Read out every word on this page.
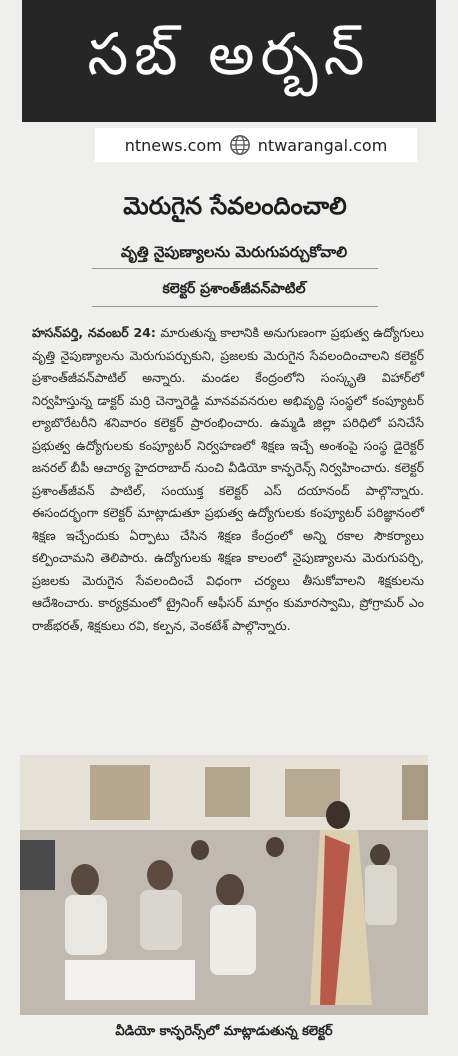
సబ్ అర్బన్
ntnews.com ntwarangal.com
మెరుగైన సేవలందించాలి
వృత్తి నైపుణ్యాలను మెరుగుపర్చుకోవాలి
కలెక్టర్ ప్రశాంత్‌జీవన్‌పాటిల్
హసన్‌పర్తి, నవంబర్ 24: మారుతున్న కాలానికి అనుగుణంగా ప్రభుత్వ ఉద్యోగులు వృత్తి నైపుణ్యాలను మెరుగుపర్చుకుని, ప్రజలకు మెరుగైన సేవలందించాలని కలెక్టర్ ప్రశాంత్‌జీవన్‌పాటిల్ అన్నారు. మండల కేంద్రంలోని సంస్కృతి విహార్‌లో నిర్వహిస్తున్న డాక్టర్ మర్రి చెన్నారెడ్డి మానవవనరుల అభివృద్ధి సంస్థలో కంప్యూటర్ ల్యాబొరేటరీని శనివారం కలెక్టర్ ప్రారంభించారు. ఉమ్మడి జిల్లా పరిధిలో పనిచేసే ప్రభుత్వ ఉద్యోగులకు కంప్యూటర్ నిర్వహణలో శిక్షణ ఇచ్చే అంశంపై సంస్థ డైరెక్టర్ జనరల్ బీపీ ఆచార్య హైదరాబాద్ నుంచి వీడియో కాన్ఫరెన్స్ నిర్వహించారు. కలెక్టర్ ప్రశాంత్‌జీవన్ పాటిల్, సంయుక్త కలెక్టర్ ఎస్ దయానంద్ పాల్గొన్నారు. ఈసందర్భంగా కలెక్టర్ మాట్లాడుతూ ప్రభుత్వ ఉద్యోగులకు కంప్యూటర్ పరిజ్ఞానంలో శిక్షణ ఇచ్చేందుకు ఏర్పాటు చేసిన శిక్షణ కేంద్రంలో అన్ని రకాల సౌకర్యాలు కల్పించామని తెలిపారు. ఉద్యోగులకు శిక్షణ కాలంలో నైపుణ్యాలను మెరుగుపర్చి, ప్రజలకు మెరుగైన సేవలందించే విధంగా చర్యలు తీసుకోవాలని శిక్షకులను ఆదేశించారు. కార్యక్రమంలో ట్రైనింగ్ ఆఫీసర్ మార్గం కుమారస్వామి, ప్రోగ్రామర్ ఎం రాజ్‌భరత్, శిక్షకులు రవి, కల్పన, వెంకటేశ్ పాల్గొన్నారు.
వీడియో కాన్ఫరెన్స్‌లో మాట్లాడుతున్న కలెక్టర్
